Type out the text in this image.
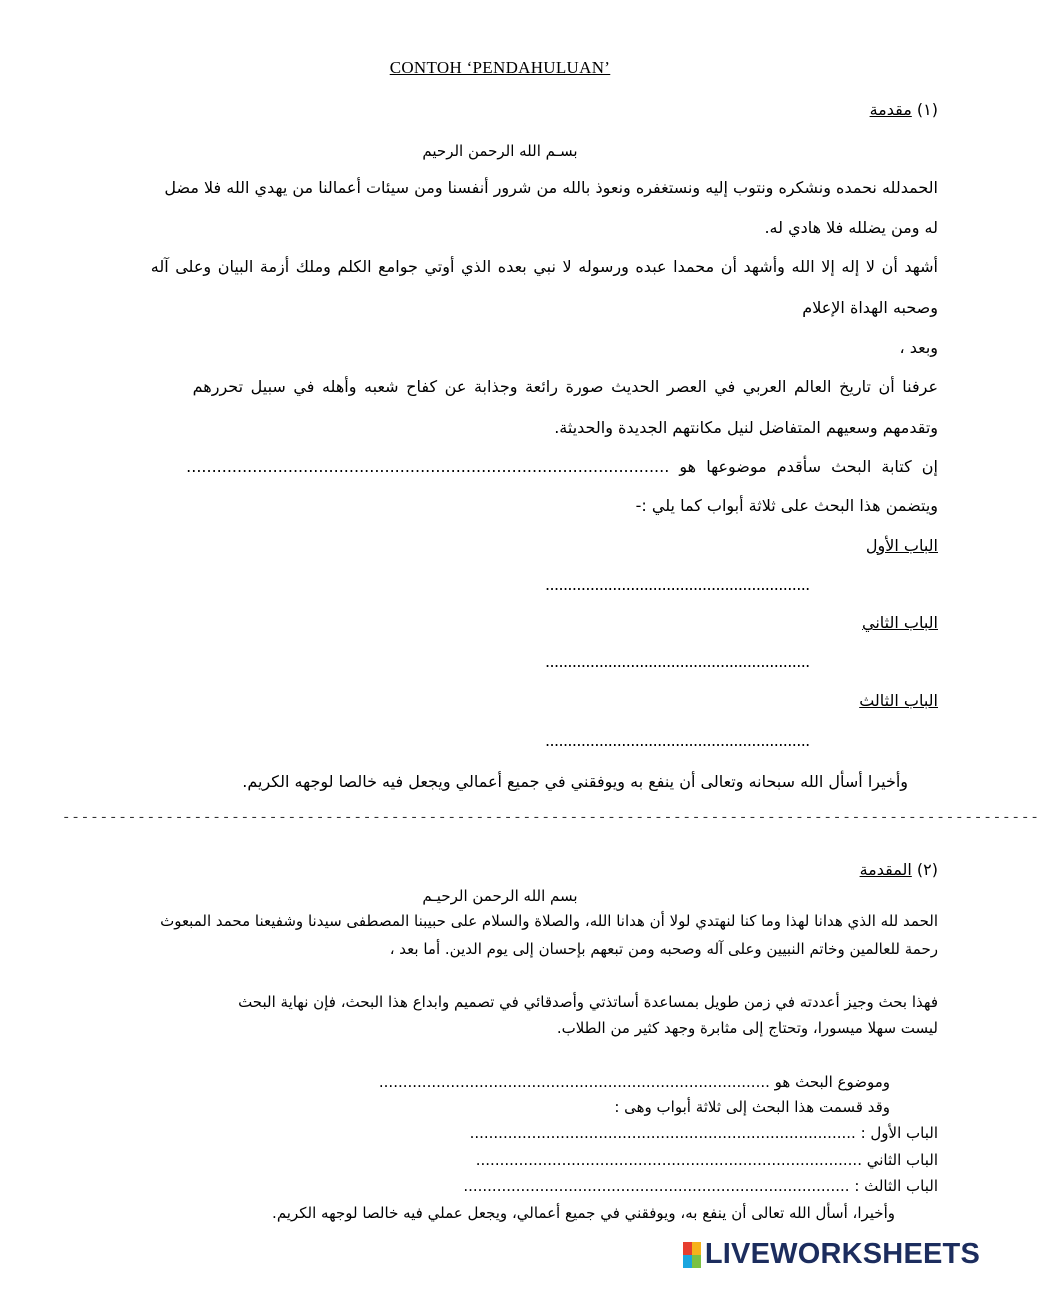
CONTOH ‘PENDAHULUAN’
(١) مقدمة
بسـم الله الرحمن الرحيم
الحمدلله نحمده ونشكره ونتوب إليه ونستغفره ونعوذ بالله من شرور أنفسنا ومن سيئات أعمالنا من يهدي الله فلا مضل
له ومن يضلله فلا هادي له.
أشهد أن لا إله إلا الله وأشهد أن محمدا عبده ورسوله لا نبي بعده الذي أوتي جوامع الكلم وملك أزمة البيان وعلى آله
وصحبه الهداة الإعلام
وبعد ،
عرفنا أن تاريخ العالم العربي في العصر الحديث صورة رائعة وجذابة عن كفاح شعبه وأهله في سبيل تحررهم
وتقدمهم وسعيهم المتفاضل لنيل مكانتهم الجديدة والحديثة.
إن كتابة البحث سأقدم موضوعها هو ...............................................................................................
ويتضمن هذا البحث على ثلاثة أبواب كما يلي :-
الباب الأول
...........................................................
الباب الثاني
...........................................................
الباب الثالث
...........................................................
وأخيرا أسأل الله سبحانه وتعالى أن ينفع به ويوفقني في جميع أعمالي ويجعل فيه خالصا لوجهه الكريم.
--------------------------------------------------------------------------------------------------------
(٢) المقدمة
بسم الله الرحمن الرحيـم
الحمد لله الذي هدانا لهذا وما كنا لنهتدي لولا أن هدانا الله، والصلاة والسلام على حبيبنا المصطفى سيدنا وشفيعنا محمد المبعوث
رحمة للعالمين وخاتم النبيين وعلى آله وصحبه ومن تبعهم بإحسان إلى يوم الدين. أما بعد ،
فهذا بحث وجيز أعددته في زمن طويل بمساعدة أساتذتي وأصدقائي في تصميم وابداع هذا البحث، فإن نهاية البحث
ليست سهلا ميسورا، وتحتاج إلى مثابرة وجهد كثير من الطلاب.
وموضوع البحث هو ..................................................................................
وقد قسمت هذا البحث إلى ثلاثة أبواب وهى :
الباب الأول : .................................................................................
الباب الثاني .................................................................................
الباب الثالث : .................................................................................
وأخيرا، أسأل الله تعالى أن ينفع به، ويوفقني في جميع أعمالي، ويجعل عملي فيه خالصا لوجهه الكريم.
LIVEWORKSHEETS
